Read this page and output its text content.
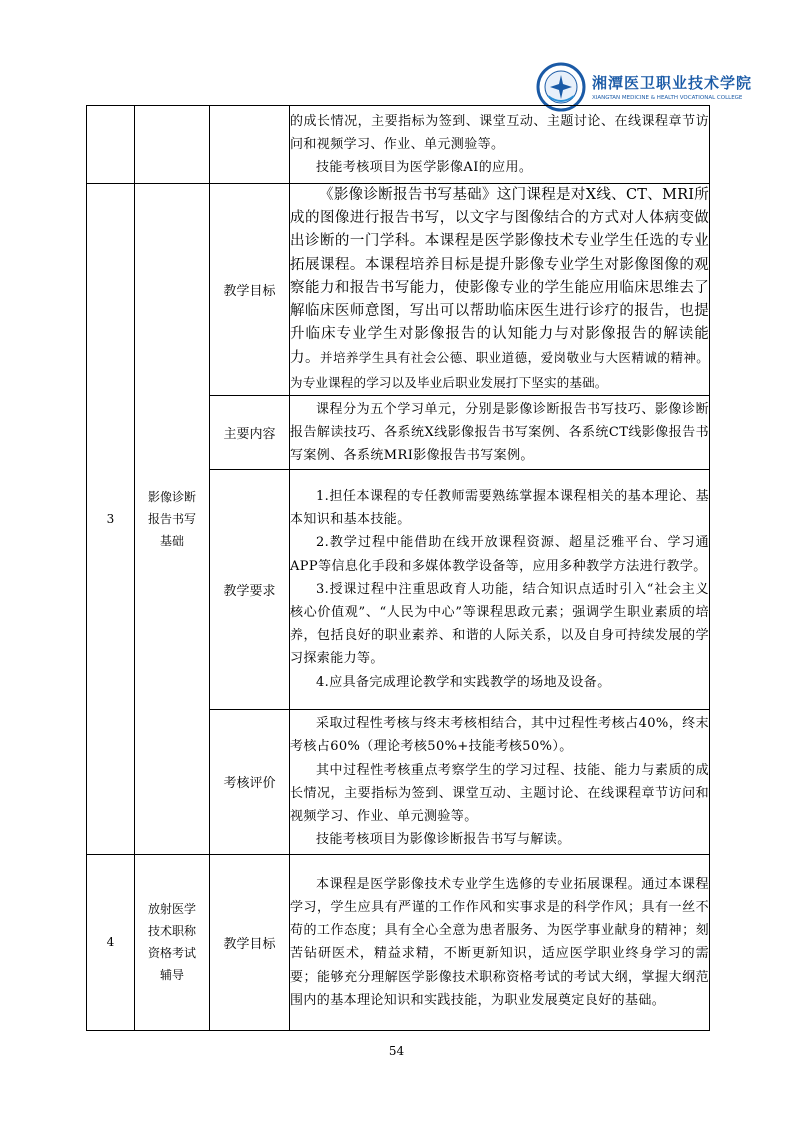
湘潭医卫职业技术学院
XIANGTAN MEDICINE & HEALTH VOCATIONAL COLLEGE

			的成长情况，主要指标为签到、课堂互动、主题讨论、在线课程章节访问和视频学习、作业、单元测验等。

技能考核项目为医学影像AI的应用。

3	影像诊断报告书写基础	教学目标	《影像诊断报告书写基础》这门课程是对X线、CT、MRI所成的图像进行报告书写，以文字与图像结合的方式对人体病变做出诊断的一门学科。本课程是医学影像技术专业学生任选的专业拓展课程。本课程培养目标是提升影像专业学生对影像图像的观察能力和报告书写能力，使影像专业的学生能应用临床思维去了解临床医师意图，写出可以帮助临床医生进行诊疗的报告，也提升临床专业学生对影像报告的认知能力与对影像报告的解读能力。并培养学生具有社会公德、职业道德，爱岗敬业与大医精诚的精神。为专业课程的学习以及毕业后职业发展打下坚实的基础。

		主要内容	课程分为五个学习单元，分别是影像诊断报告书写技巧、影像诊断报告解读技巧、各系统X线影像报告书写案例、各系统CT线影像报告书写案例、各系统MRI影像报告书写案例。

		教学要求	1.担任本课程的专任教师需要熟练掌握本课程相关的基本理论、基本知识和基本技能。

2.教学过程中能借助在线开放课程资源、超星泛雅平台、学习通APP等信息化手段和多媒体教学设备等，应用多种教学方法进行教学。

3.授课过程中注重思政育人功能，结合知识点适时引入“社会主义核心价值观”、“人民为中心”等课程思政元素；强调学生职业素质的培养，包括良好的职业素养、和谐的人际关系，以及自身可持续发展的学习探索能力等。

4.应具备完成理论教学和实践教学的场地及设备。

		考核评价	采取过程性考核与终末考核相结合，其中过程性考核占40%，终末考核占60%（理论考核50%+技能考核50%）。

其中过程性考核重点考察学生的学习过程、技能、能力与素质的成长情况，主要指标为签到、课堂互动、主题讨论、在线课程章节访问和视频学习、作业、单元测验等。

技能考核项目为影像诊断报告书写与解读。

4	放射医学技术职称资格考试辅导	教学目标	本课程是医学影像技术专业学生选修的专业拓展课程。通过本课程学习，学生应具有严谨的工作作风和实事求是的科学作风；具有一丝不苟的工作态度；具有全心全意为患者服务、为医学事业献身的精神；刻苦钻研医术，精益求精，不断更新知识，适应医学职业终身学习的需要；能够充分理解医学影像技术职称资格考试的考试大纲，掌握大纲范围内的基本理论知识和实践技能，为职业发展奠定良好的基础。

54
